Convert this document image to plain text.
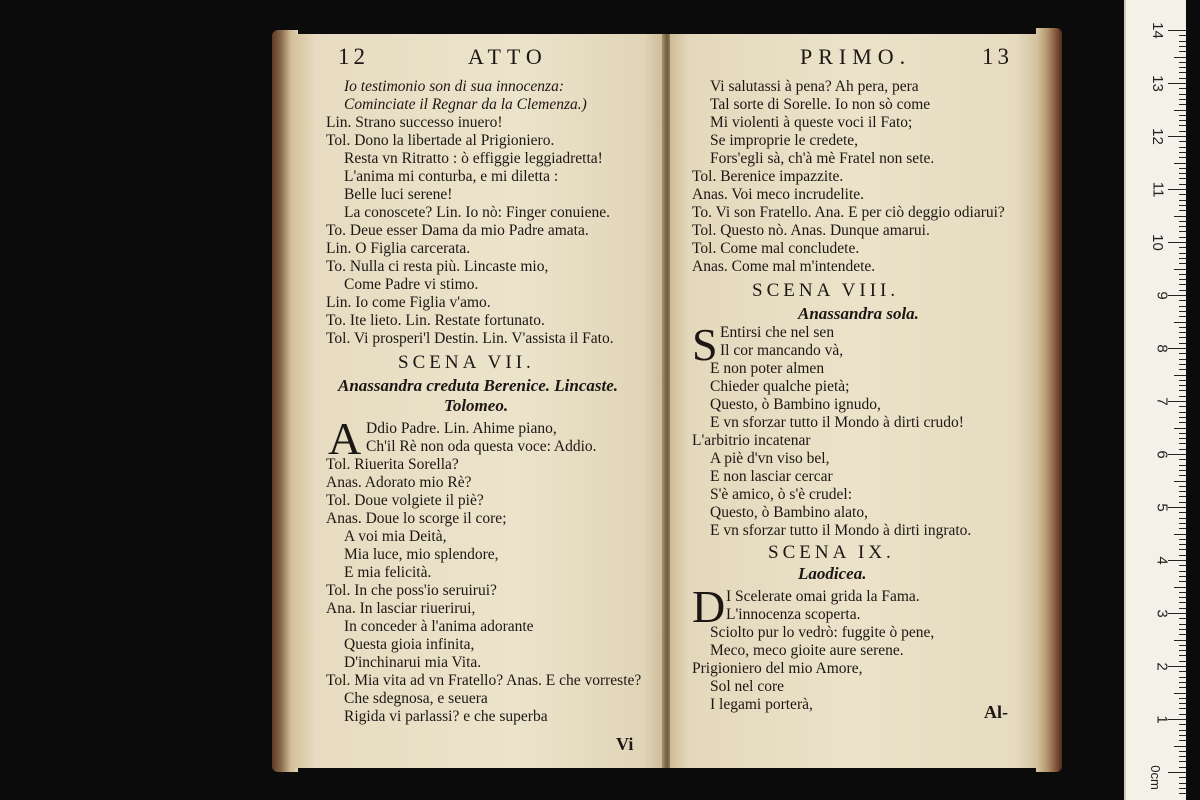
12	ATTO
Io testimonio son di sua innocenza:
Cominciate il Regnar da la Clemenza.)
Lin. Strano successo inuero!
Tol. Dono la libertade al Prigioniero.
Resta vn Ritratto : ò effiggie leggiadretta!
L'anima mi conturba, e mi diletta :
Belle luci serene!
La conoscete? Lin. Io nò: Finger conuiene.
To. Deue esser Dama da mio Padre amata.
Lin. O Figlia carcerata.
To. Nulla ci resta più. Lincaste mio,
Come Padre vi stimo.
Lin. Io come Figlia v'amo.
To. Ite lieto. Lin. Restate fortunato.
Tol. Vi prosperi'l Destin. Lin. V'assista il Fato.
SCENA VII.
Anassandra creduta Berenice. Lincaste.
Tolomeo.
A Ddio Padre. Lin. Ahime piano,
Ch'il Rè non oda questa voce: Addio.
Tol. Riuerita Sorella?
Anas. Adorato mio Rè?
Tol. Doue volgiete il piè?
Anas. Doue lo scorge il core;
A voi mia Deità,
Mia luce, mio splendore,
E mia felicità.
Tol. In che poss'io seruirui?
Ana. In lasciar riuerirui,
In conceder à l'anima adorante
Questa gioia infinita,
D'inchinarui mia Vita.
Tol. Mia vita ad vn Fratello? Anas. E che vorreste?
Che sdegnosa, e seuera
Rigida vi parlassi? e che superba
Vi
PRIMO.	13
Vi salutassi à pena? Ah pera, pera
Tal sorte di Sorelle. Io non sò come
Mi violenti à queste voci il Fato;
Se improprie le credete,
Fors'egli sà, ch'à mè Fratel non sete.
Tol. Berenice impazzite.
Anas. Voi meco incrudelite.
To. Vi son Fratello. Ana. E per ciò deggio odiarui?
Tol. Questo nò. Anas. Dunque amarui.
Tol. Come mal concludete.
Anas. Come mal m'intendete.
SCENA VIII.
Anassandra sola.
S Entirsi che nel sen
Il cor mancando và,
E non poter almen
Chieder qualche pietà;
Questo, ò Bambino ignudo,
E vn sforzar tutto il Mondo à dirti crudo!
L'arbitrio incatenar
A piè d'vn viso bel,
E non lasciar cercar
S'è amico, ò s'è crudel:
Questo, ò Bambino alato,
E vn sforzar tutto il Mondo à dirti ingrato.
SCENA IX.
Laodicea.
D I Scelerate omai grida la Fama.
L'innocenza scoperta.
Sciolto pur lo vedrò: fuggite ò pene,
Meco, meco gioite aure serene.
Prigioniero del mio Amore,
Sol nel core
I legami porterà,	Al-
14
13
12
11
10
9
8
7
6
5
4
3
2
1
0cm
